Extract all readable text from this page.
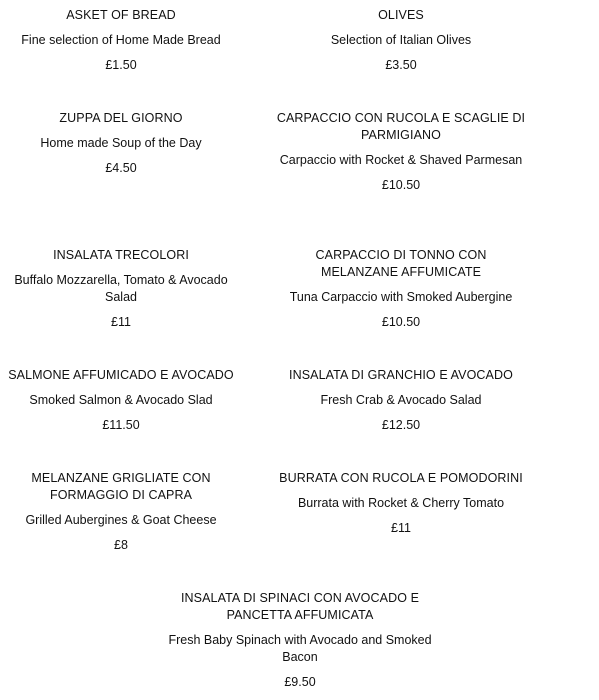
ASKET OF BREAD
Fine selection of Home Made Bread
£1.50
OLIVES
Selection of Italian Olives
£3.50
ZUPPA DEL GIORNO
Home made Soup of the Day
£4.50
CARPACCIO CON RUCOLA E SCAGLIE DI PARMIGIANO
Carpaccio with Rocket & Shaved Parmesan
£10.50
INSALATA TRECOLORI
Buffalo Mozzarella, Tomato & Avocado Salad
£11
CARPACCIO DI TONNO CON MELANZANE AFFUMICATE
Tuna Carpaccio with Smoked Aubergine
£10.50
SALMONE AFFUMICADO E AVOCADO
Smoked Salmon & Avocado Slad
£11.50
INSALATA DI GRANCHIO E AVOCADO
Fresh Crab & Avocado Salad
£12.50
MELANZANE GRIGLIATE CON FORMAGGIO DI CAPRA
Grilled Aubergines & Goat Cheese
£8
BURRATA CON RUCOLA E POMODORINI
Burrata with Rocket & Cherry Tomato
£11
INSALATA DI SPINACI CON AVOCADO E PANCETTA AFFUMICATA
Fresh Baby Spinach with Avocado and Smoked Bacon
£9.50
